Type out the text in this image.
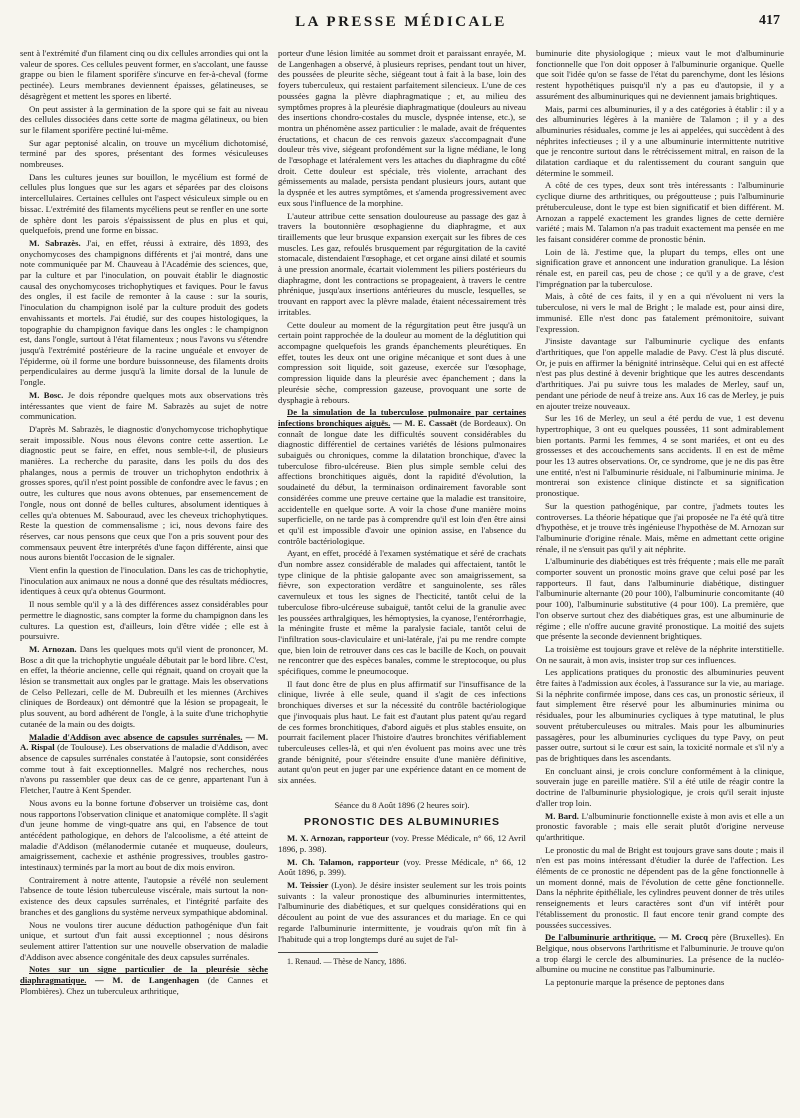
LA PRESSE MÉDICALE	417

sent à l'extrémité d'un filament cinq ou dix cellules arrondies qui ont la valeur de spores. Ces cellules peuvent former, en s'accolant, une fausse grappe ou bien le filament sporifère s'incurve en fer-à-cheval (forme pectinée). Leurs membranes deviennent épaisses, gélatineuses, se désagrègent et mettent les spores en liberté.

On peut assister à la germination de la spore qui se fait au niveau des cellules dissociées dans cette sorte de magma gélatineux, ou bien sur le filament sporifère pectiné lui-même.

Sur agar peptonisé alcalin, on trouve un mycélium dichotomisé, terminé par des spores, présentant des formes vésiculeuses nombreuses.

Dans les cultures jeunes sur bouillon, le mycélium est formé de cellules plus longues que sur les agars et séparées par des cloisons intercellulaires. Certaines cellules ont l'aspect vésiculeux simple ou en bissac. L'extrémité des filaments mycéliens peut se renfler en une sorte de sphère dont les parois s'épaississent de plus en plus et qui, quelquefois, prend une forme en bissac.

M. Sabrazès. J'ai, en effet, réussi à extraire, dès 1893, des onychomycoses des champignons différents et j'ai montré, dans une note communiquée par M. Chauveau à l'Académie des sciences, que, par la culture et par l'inoculation, on pouvait établir le diagnostic causal des onychomycoses trichophytiques et faviques. Pour le favus des ongles, il est facile de remonter à la cause : sur la souris, l'inoculation du champignon isolé par la culture produit des godets envahissants et mortels. J'ai étudié, sur des coupes histologiques, la topographie du champignon favique dans les ongles : le champignon est, dans l'ongle, surtout à l'état filamenteux ; nous l'avons vu s'étendre jusqu'à l'extrémité postérieure de la racine unguéale et envoyer de l'épiderme, où il forme une bordure buissonneuse, des filaments droits perpendiculaires au derme jusqu'à la limite dorsal de la lunule de l'ongle.

M. Bosc. Je dois répondre quelques mots aux observations très intéressantes que vient de faire M. Sabrazès au sujet de notre communication.

D'après M. Sabrazès, le diagnostic d'onychomycose trichophytique serait impossible. Nous nous élevons contre cette assertion. Le diagnostic peut se faire, en effet, nous semble-t-il, de plusieurs manières. La recherche du parasite, dans les poils du dos des phalanges, nous a permis de trouver un trichophyton endothrix à grosses spores, qu'il n'est point possible de confondre avec le favus ; en outre, les cultures que nous avons obtenues, par ensemencement de l'ongle, nous ont donné de belles cultures, absolument identiques à celles qu'a obtenues M. Sabouraud, avec les cheveux trichophytiques. Reste la question de commensalisme ; ici, nous devons faire des réserves, car nous pensons que ceux que l'on a pris souvent pour des commensaux peuvent être interprétés d'une façon différente, ainsi que nous aurons bientôt l'occasion de le signaler.

Vient enfin la question de l'inoculation. Dans les cas de trichophytie, l'inoculation aux animaux ne nous a donné que des résultats médiocres, identiques à ceux qu'a obtenus Gourmont.

Il nous semble qu'il y a là des différences assez considérables pour permettre le diagnostic, sans compter la forme du champignon dans les cultures. La question est, d'ailleurs, loin d'être vidée ; elle est à poursuivre.

M. Arnozan. Dans les quelques mots qu'il vient de prononcer, M. Bosc a dit que la trichophytie unguéale débutait par le bord libre. C'est, en effet, la théorie ancienne, celle qui régnait, quand on croyait que la lésion se transmettait aux ongles par le grattage. Mais les observations de Celso Pellezari, celle de M. Dubreuilh et les miennes (Archives cliniques de Bordeaux) ont démontré que la lésion se propageait, le plus souvent, au bord adhérent de l'ongle, à la suite d'une trichophytie cutanée de la main ou des doigts.

Maladie d'Addison avec absence de capsules surrénales. — M. A. Rispal (de Toulouse). Les observations de maladie d'Addison, avec absence de capsules surrénales constatée à l'autopsie, sont considérées comme tout à fait exceptionnelles. Malgré nos recherches, nous n'avons pu rassembler que deux cas de ce genre, appartenant l'un à Fletcher, l'autre à Kent Spender.

Nous avons eu la bonne fortune d'observer un troisième cas, dont nous rapportons l'observation clinique et anatomique complète. Il s'agit d'un jeune homme de vingt-quatre ans qui, en l'absence de tout antécédent pathologique, en dehors de l'alcoolisme, a été atteint de maladie d'Addison (mélanodermie cutanée et muqueuse, douleurs, amaigrissement, cachexie et asthénie progressives, troubles gastro-intestinaux) terminés par la mort au bout de dix mois environ.

Contrairement à notre attente, l'autopsie a révélé non seulement l'absence de toute lésion tuberculeuse viscérale, mais surtout la non-existence des deux capsules surrénales, et l'intégrité parfaite des branches et des ganglions du système nerveux sympathique abdominal.

Nous ne voulons tirer aucune déduction pathogénique d'un fait unique, et surtout d'un fait aussi exceptionnel ; nous désirons seulement attirer l'attention sur une nouvelle observation de maladie d'Addison avec absence congénitale des deux capsules surrénales.

Notes sur un signe particulier de la pleurésie sèche diaphragmatique. — M. de Langenhagen (de Cannes et Plombières). Chez un tuberculeux arthritique,

porteur d'une lésion limitée au sommet droit et paraissant enrayée, M. de Langenhagen a observé, à plusieurs reprises, pendant tout un hiver, des poussées de pleurite sèche, siégeant tout à fait à la base, loin des foyers tuberculeux, qui restaient parfaitement silencieux. L'une de ces poussées gagna la plèvre diaphragmatique ; et, au milieu des symptômes propres à la pleurésie diaphragmatique (douleurs au niveau des insertions chondro-costales du muscle, dyspnée intense, etc.), se montra un phénomène assez particulier : le malade, avait de fréquentes éructations, et chacun de ces renvois gazeux s'accompagnait d'une douleur très vive, siégeant profondément sur la ligne médiane, le long de l'œsophage et latéralement vers les attaches du diaphragme du côté droit. Cette douleur est spéciale, très violente, arrachant des gémissements au malade, persista pendant plusieurs jours, autant que la dyspnée et les autres symptômes, et s'amenda progressivement avec eux sous l'influence de la morphine.

L'auteur attribue cette sensation douloureuse au passage des gaz à travers la boutonnière œsophagienne du diaphragme, et aux tiraillements que leur brusque expansion exerçait sur les fibres de ces muscles. Les gaz, refoulés brusquement par régurgitation de la cavité stomacale, distendaient l'œsophage, et cet organe ainsi dilaté et soumis à une pression anormale, écartait violemment les piliers postérieurs du diaphragme, dont les contractions se propageaient, à travers le centre phrénique, jusqu'aux insertions antérieures du muscle, lesquelles, se trouvant en rapport avec la plèvre malade, étaient nécessairement très irritables.

Cette douleur au moment de la régurgitation peut être jusqu'à un certain point rapprochée de la douleur au moment de la déglutition qui accompagne quelquefois les grands épanchements pleurétiques. En effet, toutes les deux ont une origine mécanique et sont dues à une compression soit liquide, soit gazeuse, exercée sur l'œsophage, compression liquide dans la pleurésie avec épanchement ; dans la pleurésie sèche, compression gazeuse, provoquant une sorte de dysphagie à rebours.

De la simulation de la tuberculose pulmonaire par certaines infections bronchiques aiguës. — M. E. Cassaët (de Bordeaux). On connaît de longue date les difficultés souvent considérables du diagnostic différentiel de certaines variétés de lésions pulmonaires subaiguës ou chroniques, comme la dilatation bronchique, d'avec la tuberculose fibro-ulcéreuse. Bien plus simple semble celui des affections bronchitiques aiguës, dont la rapidité d'évolution, la soudaineté du début, la terminaison ordinairement favorable sont considérées comme une preuve certaine que la maladie est transitoire, accidentelle en quelque sorte. A voir la chose d'une manière moins superficielle, on ne tarde pas à comprendre qu'il est loin d'en être ainsi et qu'il est impossible d'avoir une opinion assise, en l'absence du contrôle bactériologique.

Ayant, en effet, procédé à l'examen systématique et séré de crachats d'un nombre assez considérable de malades qui affectaient, tantôt le type clinique de la phtisie galopante avec son amaigrissement, sa fièvre, son expectoration verdâtre et sanguinolente, ses râles cavernuleux et tous les signes de l'hecticité, tantôt celui de la tuberculose fibro-ulcéreuse subaiguë, tantôt celui de la granulie avec les poussées arthralgiques, les hémoptysies, la cyanose, l'entérorrhagie, la méningite fruste et même la paralysie faciale, tantôt celui de l'infiltration sous-claviculaire et uni-latérale, j'ai pu me rendre compte que, bien loin de retrouver dans ces cas le bacille de Koch, on pouvait ne rencontrer que des espèces banales, comme le streptocoque, ou plus spécifiques, comme le pneumocoque.

Il faut donc être de plus en plus affirmatif sur l'insuffisance de la clinique, livrée à elle seule, quand il s'agit de ces infections bronchiques diverses et sur la nécessité du contrôle bactériologique que j'invoquais plus haut. Le fait est d'autant plus patent qu'au regard de ces formes bronchitiques, d'abord aiguës et plus stables ensuite, on pourrait facilement placer l'histoire d'autres bronchites vérifiablement tuberculeuses celles-là, et qui n'en évoluent pas moins avec une très grande bénignité, pour s'éteindre ensuite d'une manière définitive, autant qu'on peut en juger par une expérience datant en ce moment de six années.

Séance du 8 Août 1896 (2 heures soir).

PRONOSTIC DES ALBUMINURIES

M. X. Arnozan, rapporteur (voy. Presse Médicale, n° 66, 12 Avril 1896, p. 398).

M. Ch. Talamon, rapporteur (voy. Presse Médicale, n° 66, 12 Août 1896, p. 399).

M. Teissier (Lyon). Je désire insister seulement sur les trois points suivants : la valeur pronostique des albuminuries intermittentes, l'albuminurie des diabétiques, et sur quelques considérations qui en découlent au point de vue des assurances et du mariage. En ce qui regarde l'albuminurie intermittente, je voudrais qu'on mît fin à l'habitude qui a trop longtemps duré au sujet de l'al-

1. Renaud. — Thèse de Nancy, 1886.

buminurie dite physiologique ; mieux vaut le mot d'albuminurie fonctionnelle que l'on doit opposer à l'albuminurie organique. Quelle que soit l'idée qu'on se fasse de l'état du parenchyme, dont les lésions restent hypothétiques puisqu'il n'y a pas eu d'autopsie, il y a assurément des albuminuriques qui ne deviennent jamais brightiques.

Mais, parmi ces albuminuries, il y a des catégories à établir : il y a des albuminuries légères à la manière de Talamon ; il y a des albuminuries résiduales, comme je les ai appelées, qui succèdent à des néphrites infectieuses ; il y a une albuminurie intermittente nutritive que je rencontre surtout dans le rétrécissement mitral, en raison de la dilatation cardiaque et du ralentissement du courant sanguin que détermine le sommeil.

A côté de ces types, deux sont très intéressants : l'albuminurie cyclique diurne des arthritiques, ou prégoutteuse ; puis l'albuminurie prétuberculeuse, dont le type est bien significatif et bien différent. M. Arnozan a rappelé exactement les grandes lignes de cette dernière variété ; mais M. Talamon n'a pas traduit exactement ma pensée en me les faisant considérer comme de pronostic bénin.

Loin de là. J'estime que, la plupart du temps, elles ont une signification grave et annoncent une induration granulique. La lésion rénale est, en pareil cas, peu de chose ; ce qu'il y a de grave, c'est l'imprégnation par la tuberculose.

Mais, à côté de ces faits, il y en a qui n'évoluent ni vers la tuberculose, ni vers le mal de Bright ; le malade est, pour ainsi dire, immunisé. Elle n'est donc pas fatalement prémonitoire, suivant l'expression.

J'insiste davantage sur l'albuminurie cyclique des enfants d'arthritiques, que l'on appelle maladie de Pavy. C'est là plus discuté. Or, je puis en affirmer la bénignité intrinsèque. Celui qui en est affecté n'est pas plus destiné à devenir brightique que les autres descendants d'arthritiques. J'ai pu suivre tous les malades de Merley, sauf un, pendant une période de neuf à treize ans. Aux 16 cas de Merley, je puis en ajouter treize nouveaux.

Sur les 16 de Merley, un seul a été perdu de vue, 1 est devenu hypertrophique, 3 ont eu quelques poussées, 11 sont admirablement bien portants. Parmi les femmes, 4 se sont mariées, et ont eu des grossesses et des accouchements sans accidents. Il en est de même pour les 13 autres observations. Or, ce syndrome, que je ne dis pas être une entité, n'est ni l'albuminurie résiduale, ni l'albuminurie minima. Je montrerai son existence clinique distincte et sa signification pronostique.

Sur la question pathogénique, par contre, j'admets toutes les controverses. La théorie hépatique que j'ai proposée ne l'a été qu'à titre d'hypothèse, et je trouve très ingénieuse l'hypothèse de M. Arnozan sur l'albuminurie d'origine rénale. Mais, même en admettant cette origine rénale, il ne s'ensuit pas qu'il y ait néphrite.

L'albuminurie des diabétiques est très fréquente ; mais elle me paraît comporter souvent un pronostic moins grave que celui posé par les rapporteurs. Il faut, dans l'albuminurie diabétique, distinguer l'albuminurie alternante (20 pour 100), l'albuminurie concomitante (40 pour 100), l'albuminurie substitutive (4 pour 100). La première, que l'on observe surtout chez des diabétiques gras, est une albuminurie de régime ; elle n'offre aucune gravité pronostique. La moitié des sujets que présente la seconde deviennent brightiques.

La troisième est toujours grave et relève de la néphrite interstitielle. On ne saurait, à mon avis, insister trop sur ces influences.

Les applications pratiques du pronostic des albuminuries peuvent être faites à l'admission aux écoles, à l'assurance sur la vie, au mariage. Si la néphrite confirmée impose, dans ces cas, un pronostic sérieux, il faut simplement être réservé pour les albuminuries minima ou résiduales, pour les albuminuries cycliques à type matutinal, le plus souvent prétuberculeuses ou mitrales. Mais pour les albuminuries passagères, pour les albuminuries cycliques du type Pavy, on peut passer outre, surtout si le cœur est sain, la toxicité normale et s'il n'y a pas de brightiques dans les ascendants.

En concluant ainsi, je crois conclure conformément à la clinique, souverain juge en pareille matière. S'il a été utile de réagir contre la doctrine de l'albuminurie physiologique, je crois qu'il serait injuste d'aller trop loin.

M. Bard. L'albuminurie fonctionnelle existe à mon avis et elle a un pronostic favorable ; mais elle serait plutôt d'origine nerveuse qu'arthritique.

Le pronostic du mal de Bright est toujours grave sans doute ; mais il n'en est pas moins intéressant d'étudier la durée de l'affection. Les éléments de ce pronostic ne dépendent pas de la gêne fonctionnelle à un moment donné, mais de l'évolution de cette gêne fonctionnelle. Dans la néphrite épithéliale, les cylindres peuvent donner de très utiles renseignements et leurs caractères sont d'un vif intérêt pour l'établissement du pronostic. Il faut encore tenir grand compte des poussées successives.

De l'albuminurie arthritique. — M. Crocq père (Bruxelles). En Belgique, nous observons l'arthritisme et l'albuminurie. Je trouve qu'on a trop élargi le cercle des albuminuries. La présence de la nucléo-albumine ou mucine ne constitue pas l'albuminurie.

La peptonurie marque la présence de peptones dans
